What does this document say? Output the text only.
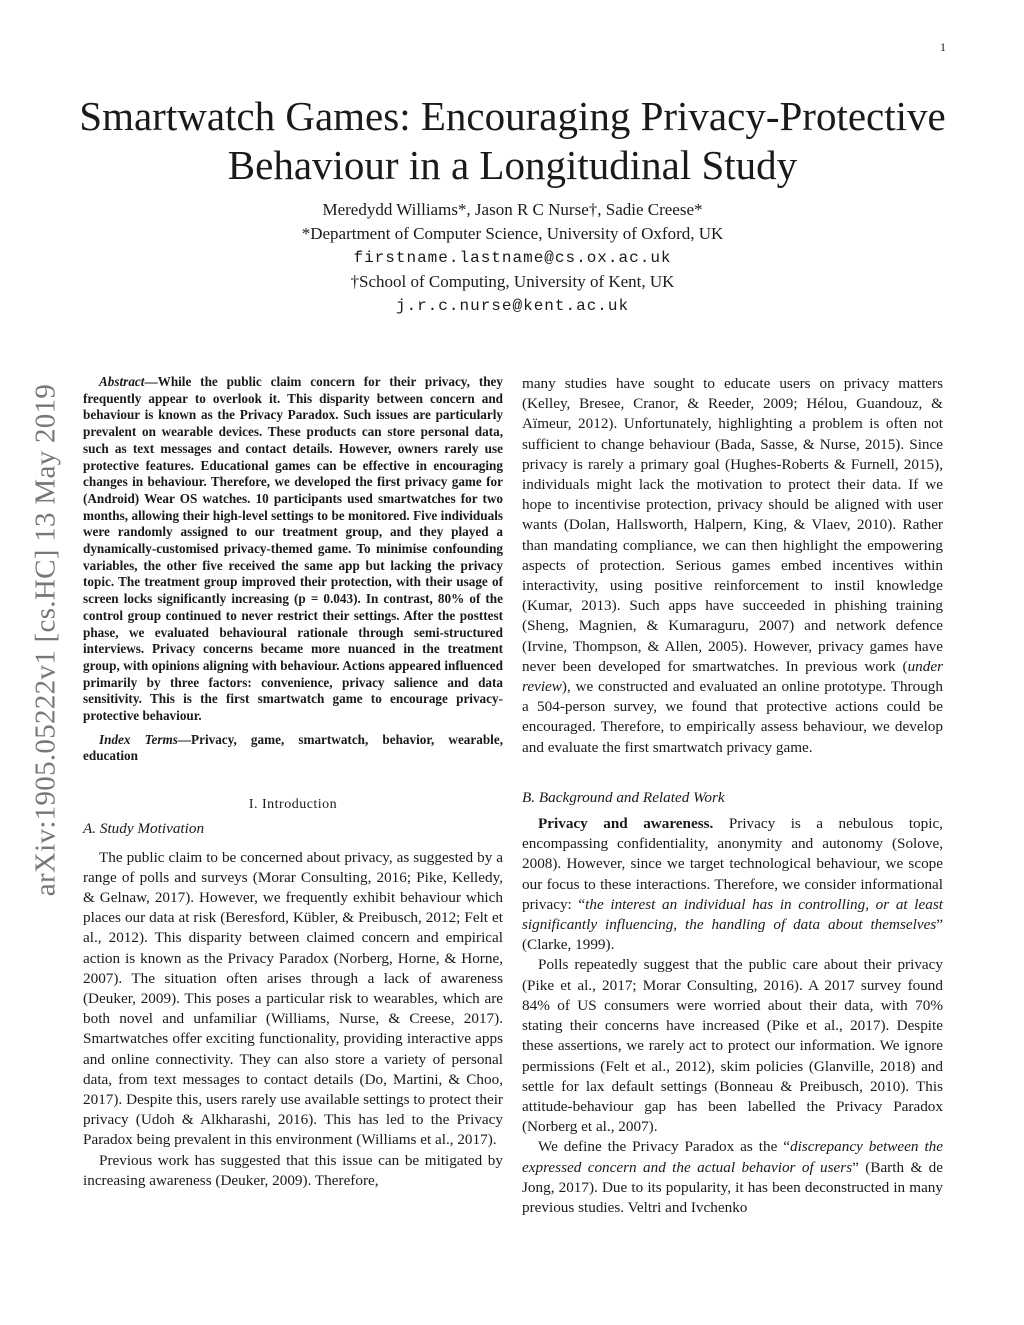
1
arXiv:1905.05222v1 [cs.HC] 13 May 2019
Smartwatch Games: Encouraging Privacy-Protective
Behaviour in a Longitudinal Study
Meredydd Williams*, Jason R C Nurse†, Sadie Creese*
*Department of Computer Science, University of Oxford, UK
firstname.lastname@cs.ox.ac.uk
†School of Computing, University of Kent, UK
j.r.c.nurse@kent.ac.uk

Abstract—While the public claim concern for their privacy, they frequently appear to overlook it. This disparity between concern and behaviour is known as the Privacy Paradox. Such issues are particularly prevalent on wearable devices. These products can store personal data, such as text messages and contact details. However, owners rarely use protective features. Educational games can be effective in encouraging changes in behaviour. Therefore, we developed the first privacy game for (Android) Wear OS watches. 10 participants used smartwatches for two months, allowing their high-level settings to be monitored. Five individuals were randomly assigned to our treatment group, and they played a dynamically-customised privacy-themed game. To minimise confounding variables, the other five received the same app but lacking the privacy topic. The treatment group improved their protection, with their usage of screen locks significantly increasing (p = 0.043). In contrast, 80% of the control group continued to never restrict their settings. After the posttest phase, we evaluated behavioural rationale through semi-structured interviews. Privacy concerns became more nuanced in the treatment group, with opinions aligning with behaviour. Actions appeared influenced primarily by three factors: convenience, privacy salience and data sensitivity. This is the first smartwatch game to encourage privacy-protective behaviour.

Index Terms—Privacy, game, smartwatch, behavior, wearable, education

I. Introduction
A. Study Motivation

The public claim to be concerned about privacy, as suggested by a range of polls and surveys (Morar Consulting, 2016; Pike, Kelledy, & Gelnaw, 2017). However, we frequently exhibit behaviour which places our data at risk (Beresford, Kübler, & Preibusch, 2012; Felt et al., 2012). This disparity between claimed concern and empirical action is known as the Privacy Paradox (Norberg, Horne, & Horne, 2007). The situation often arises through a lack of awareness (Deuker, 2009). This poses a particular risk to wearables, which are both novel and unfamiliar (Williams, Nurse, & Creese, 2017). Smartwatches offer exciting functionality, providing interactive apps and online connectivity. They can also store a variety of personal data, from text messages to contact details (Do, Martini, & Choo, 2017). Despite this, users rarely use available settings to protect their privacy (Udoh & Alkharashi, 2016). This has led to the Privacy Paradox being prevalent in this environment (Williams et al., 2017).

Previous work has suggested that this issue can be mitigated by increasing awareness (Deuker, 2009). Therefore,

many studies have sought to educate users on privacy matters (Kelley, Bresee, Cranor, & Reeder, 2009; Hélou, Guandouz, & Aïmeur, 2012). Unfortunately, highlighting a problem is often not sufficient to change behaviour (Bada, Sasse, & Nurse, 2015). Since privacy is rarely a primary goal (Hughes-Roberts & Furnell, 2015), individuals might lack the motivation to protect their data. If we hope to incentivise protection, privacy should be aligned with user wants (Dolan, Hallsworth, Halpern, King, & Vlaev, 2010). Rather than mandating compliance, we can then highlight the empowering aspects of protection. Serious games embed incentives within interactivity, using positive reinforcement to instil knowledge (Kumar, 2013). Such apps have succeeded in phishing training (Sheng, Magnien, & Kumaraguru, 2007) and network defence (Irvine, Thompson, & Allen, 2005). However, privacy games have never been developed for smartwatches. In previous work (under review), we constructed and evaluated an online prototype. Through a 504-person survey, we found that protective actions could be encouraged. Therefore, to empirically assess behaviour, we develop and evaluate the first smartwatch privacy game.

B. Background and Related Work

Privacy and awareness. Privacy is a nebulous topic, encompassing confidentiality, anonymity and autonomy (Solove, 2008). However, since we target technological behaviour, we scope our focus to these interactions. Therefore, we consider informational privacy: “the interest an individual has in controlling, or at least significantly influencing, the handling of data about themselves” (Clarke, 1999).

Polls repeatedly suggest that the public care about their privacy (Pike et al., 2017; Morar Consulting, 2016). A 2017 survey found 84% of US consumers were worried about their data, with 70% stating their concerns have increased (Pike et al., 2017). Despite these assertions, we rarely act to protect our information. We ignore permissions (Felt et al., 2012), skim policies (Glanville, 2018) and settle for lax default settings (Bonneau & Preibusch, 2010). This attitude-behaviour gap has been labelled the Privacy Paradox (Norberg et al., 2007).

We define the Privacy Paradox as the “discrepancy between the expressed concern and the actual behavior of users” (Barth & de Jong, 2017). Due to its popularity, it has been deconstructed in many previous studies. Veltri and Ivchenko
